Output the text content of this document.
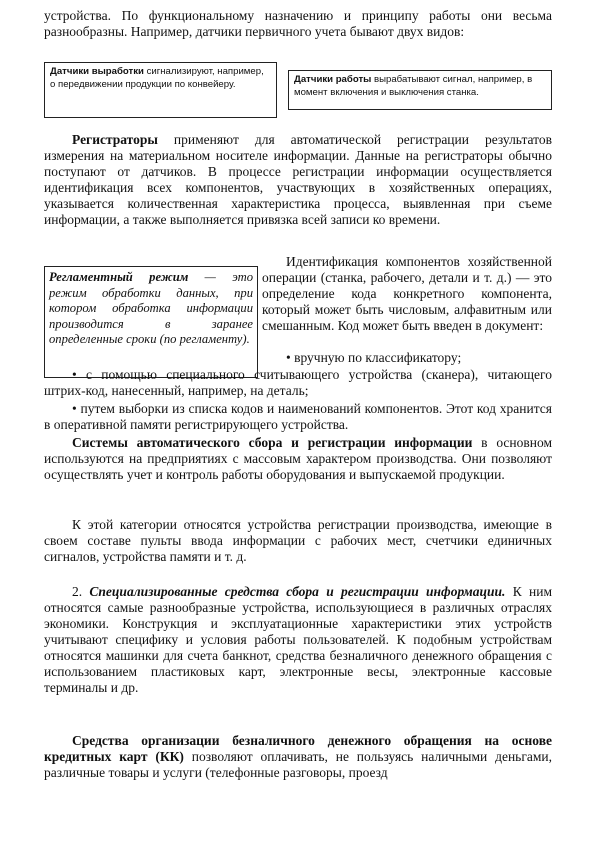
устройства. По функциональному назначению и принципу работы они весьма разнообразны. Например, датчики первичного учета бывают двух видов:

Датчики выработки сигнализируют, например, о передвижении продукции по конвейеру.	Датчики работы вырабатывают сигнал, например, в момент включения и выключения станка.

Регистраторы применяют для автоматической регистрации результатов измерения на материальном носителе информации. Данные на регистраторы обычно поступают от датчиков. В процессе регистрации информации осуществляется идентификация всех компонентов, участвующих в хозяйственных операциях, указывается количественная характеристика процесса, выявленная при съеме информации, а также выполняется привязка всей записи ко времени.

Регламентный режим — это режим обработки данных, при котором обработка информации производится в заранее определенные сроки (по регламенту).

Идентификация компонентов хозяйственной операции (станка, рабочего, детали и т. д.) — это определение кода конкретного компонента, который может быть числовым, алфавитным или смешанным. Код может быть введен в документ:

• вручную по классификатору;

• с помощью специального считывающего устройства (сканера), читающего штрих-код, нанесенный, например, на деталь;

• путем выборки из списка кодов и наименований компонентов. Этот код хранится в оперативной памяти регистрирующего устройства.

Системы автоматического сбора и регистрации информации в основном используются на предприятиях с массовым характером производства. Они позволяют осуществлять учет и контроль работы оборудования и выпускаемой продукции.

К этой категории относятся устройства регистрации производства, имеющие в своем составе пульты ввода информации с рабочих мест, счетчики единичных сигналов, устройства памяти и т. д.

2. Специализированные средства сбора и регистрации информации. К ним относятся самые разнообразные устройства, использующиеся в различных отраслях экономики. Конструкция и эксплуатационные характеристики этих устройств учитывают специфику и условия работы пользователей. К подобным устройствам относятся машинки для счета банкнот, средства безналичного денежного обращения с использованием пластиковых карт, электронные весы, электронные кассовые терминалы и др.

Средства организации безналичного денежного обращения на основе кредитных карт (КК) позволяют оплачивать, не пользуясь наличными деньгами, различные товары и услуги (телефонные разговоры, проезд
